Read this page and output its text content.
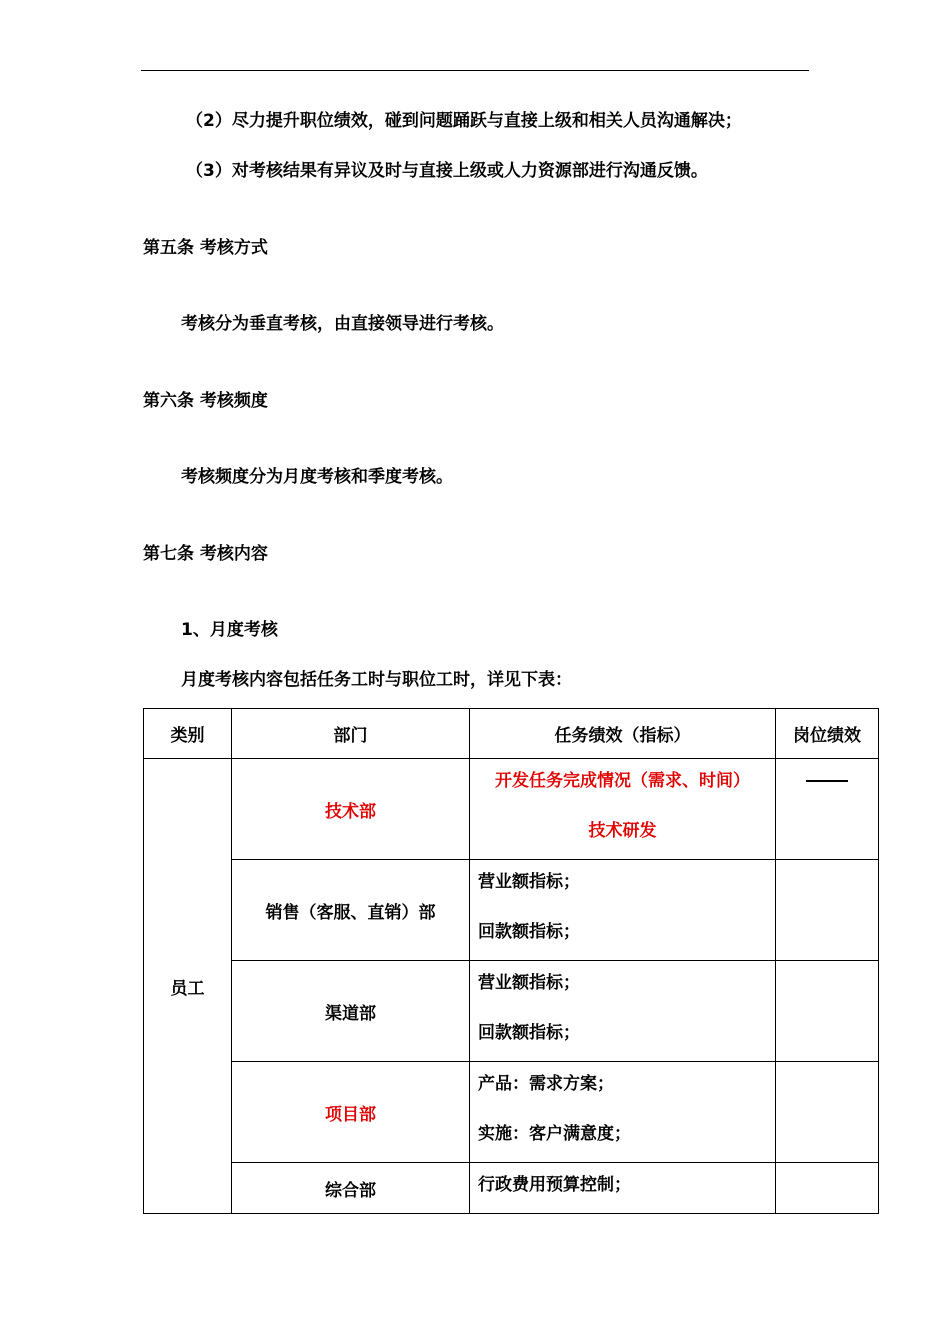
（2）尽力提升职位绩效，碰到问题踊跃与直接上级和相关人员沟通解决；
（3）对考核结果有异议及时与直接上级或人力资源部进行沟通反馈。
第五条 考核方式
考核分为垂直考核，由直接领导进行考核。
第六条 考核频度
考核频度分为月度考核和季度考核。
第七条 考核内容
1、月度考核
月度考核内容包括任务工时与职位工时，详见下表：
类别	部门	任务绩效（指标）	岗位绩效
员工	技术部	开发任务完成情况（需求、时间）
技术研发	

	销售（客服、直销）部	营业额指标；
回款额指标；	

	渠道部	营业额指标；
回款额指标；	

	项目部	产品：需求方案；
实施：客户满意度；	

	综合部	行政费用预算控制；	
